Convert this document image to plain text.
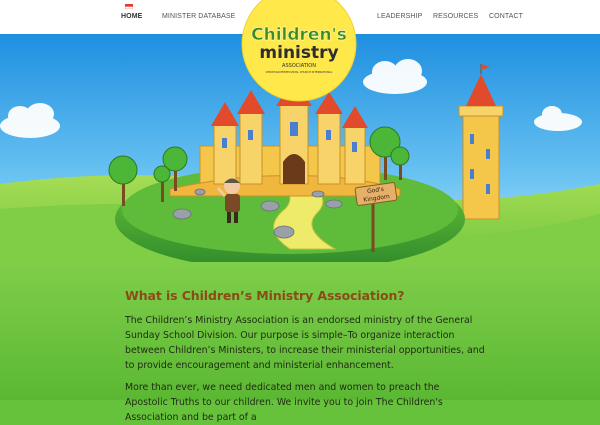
HOME	MINISTER DATABASE	LEADERSHIP RESOURCES CONTACT
God's
Kingdom
Children's
ministry
ASSOCIATION
CHRISTIAN PENTECOSTAL CHURCH INTERNATIONAL
What is Children’s Ministry Association?

The Children’s Ministry Association is an endorsed ministry of the General Sunday School Division. Our purpose is simple–To organize interaction between Children’s Ministers, to increase their ministerial opportunities, and to provide encouragement and ministerial enhancement.

More than ever, we need dedicated men and women to preach the Apostolic Truths to our children. We invite you to join The Children's Association and be part of a
